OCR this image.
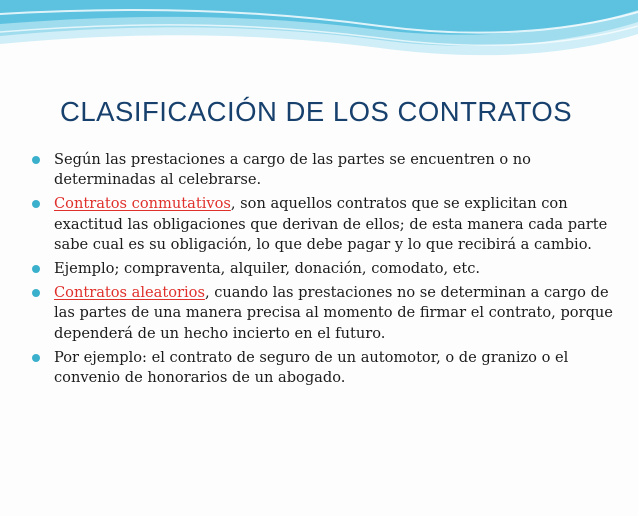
CLASIFICACIÓN DE LOS CONTRATOS
Según las prestaciones a cargo de las partes se encuentren o no determinadas al celebrarse.
Contratos conmutativos, son aquellos contratos que se explicitan con exactitud las obligaciones que derivan de ellos; de esta manera cada parte sabe cual es su obligación, lo que debe pagar y lo que recibirá a cambio.
Ejemplo; compraventa, alquiler, donación, comodato, etc.
Contratos aleatorios, cuando las prestaciones no se determinan a cargo de las partes de una manera precisa al momento de firmar el contrato, porque dependerá de un hecho incierto en el futuro.
Por ejemplo: el contrato de seguro de un automotor, o de granizo o el convenio de honorarios de un abogado.
